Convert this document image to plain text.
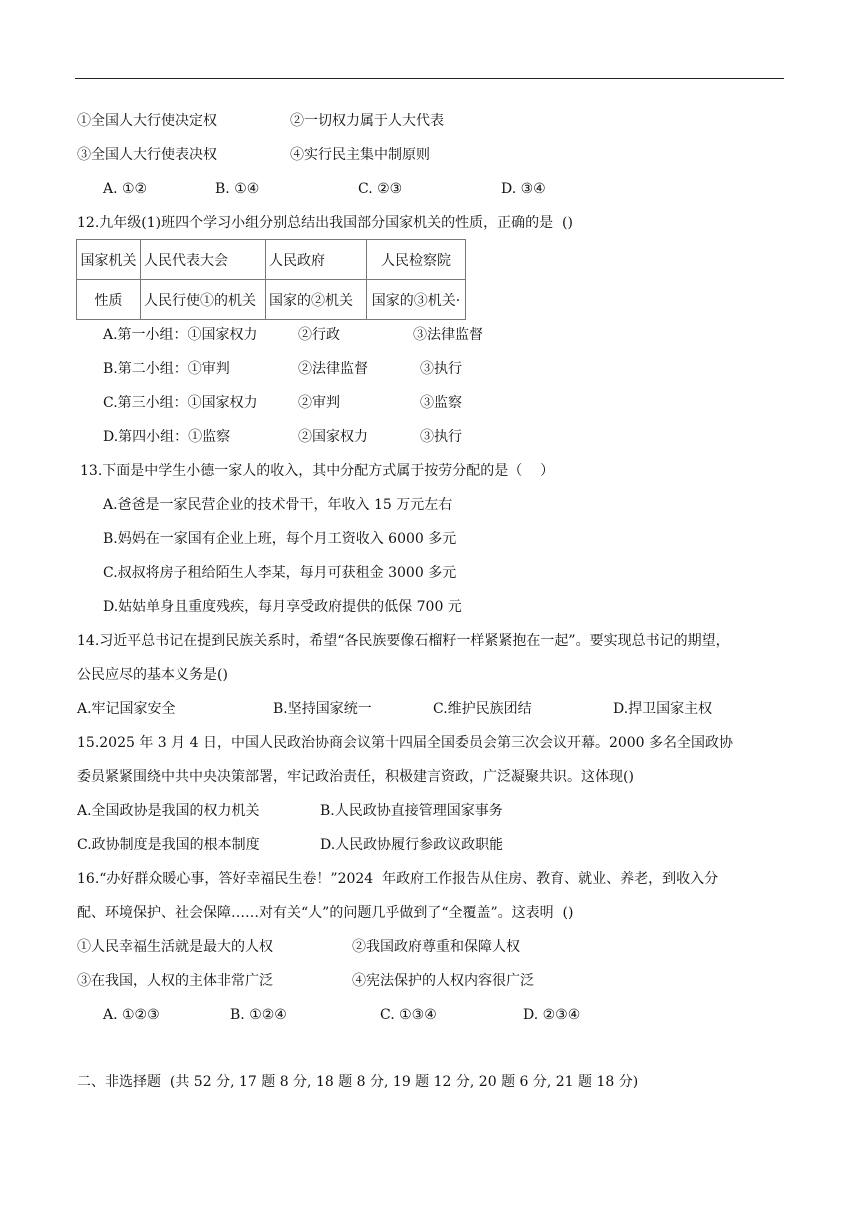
①全国人大行使决定权	②一切权力属于人大代表
③全国人大行使表决权	④实行民主集中制原则
A. ①②	B. ①④	C. ②③	D. ③④
12.九年级(1)班四个学习小组分别总结出我国部分国家机关的性质，正确的是  ()
国家机关	人民代表大会	人民政府	人民检察院
性质	人民行使①的机关	国家的②机关	国家的③机关·
A.第一小组：①国家权力	②行政	③法律监督
B.第二小组：①审判	②法律监督	③执行
C.第三小组：①国家权力	②审判	③监察
D.第四小组：①监察	②国家权力	③执行
13.下面是中学生小德一家人的收入，其中分配方式属于按劳分配的是（    ）
A.爸爸是一家民营企业的技术骨干，年收入 15 万元左右
B.妈妈在一家国有企业上班，每个月工资收入 6000 多元
C.叔叔将房子租给陌生人李某，每月可获租金 3000 多元
D.姑姑单身且重度残疾，每月享受政府提供的低保 700 元
14.习近平总书记在提到民族关系时，希望“各民族要像石榴籽一样紧紧抱在一起”。要实现总书记的期望，
公民应尽的基本义务是()
A.牢记国家安全	B.坚持国家统一	C.维护民族团结	D.捍卫国家主权
15.2025 年 3 月 4 日，中国人民政治协商会议第十四届全国委员会第三次会议开幕。2000 多名全国政协
委员紧紧围绕中共中央决策部署，牢记政治责任，积极建言资政，广泛凝聚共识。这体现()
A.全国政协是我国的权力机关	B.人民政协直接管理国家事务
C.政协制度是我国的根本制度	D.人民政协履行参政议政职能
16.“办好群众暖心事，答好幸福民生卷！”2024  年政府工作报告从住房、教育、就业、养老，到收入分
配、环境保护、社会保障……对有关“人”的问题几乎做到了“全覆盖”。这表明  ()
①人民幸福生活就是最大的人权	②我国政府尊重和保障人权
③在我国，人权的主体非常广泛	④宪法保护的人权内容很广泛
A. ①②③	B. ①②④	C. ①③④	D. ②③④
二、非选择题  (共 52 分, 17 题 8 分, 18 题 8 分, 19 题 12 分, 20 题 6 分, 21 题 18 分)
